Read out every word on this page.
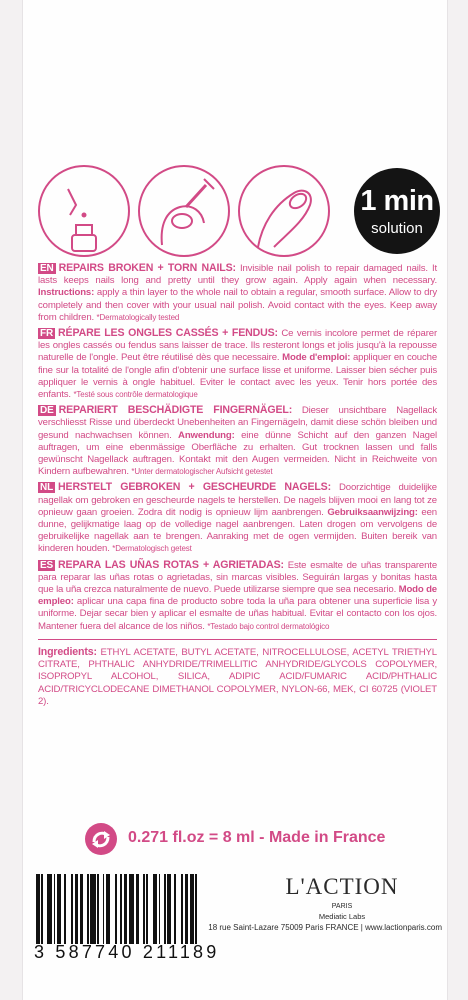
1 min
solution

EN REPAIRS BROKEN + TORN NAILS: Invisible nail polish to repair damaged nails. It lasts keeps nails long and pretty until they grow again. Apply again when necessary. Instructions: apply a thin layer to the whole nail to obtain a regular, smooth surface. Allow to dry completely and then cover with your usual nail polish. Avoid contact with the eyes. Keep away from children. *Dermatologically tested

FR RÉPARE LES ONGLES CASSÉS + FENDUS: Ce vernis incolore permet de réparer les ongles cassés ou fendus sans laisser de trace. Ils resteront longs et jolis jusqu'à la repousse naturelle de l'ongle. Peut être réutilisé dès que necessaire. Mode d'emploi: appliquer en couche fine sur la totalité de l'ongle afin d'obtenir une surface lisse et uniforme. Laisser bien sécher puis appliquer le vernis à ongle habituel. Eviter le contact avec les yeux. Tenir hors portée des enfants. *Testé sous contrôle dermatologique

DE REPARIERT BESCHÄDIGTE FINGERNÄGEL: Dieser unsichtbare Nagellack verschliesst Risse und überdeckt Unebenheiten an Fingernägeln, damit diese schön bleiben und gesund nachwachsen können. Anwendung: eine dünne Schicht auf den ganzen Nagel auftragen, um eine ebenmässige Oberfläche zu erhalten. Gut trocknen lassen und falls gewünscht Nagellack auftragen. Kontakt mit den Augen vermeiden. Nicht in Reichweite von Kindern aufbewahren. *Unter dermatologischer Aufsicht getestet

NL HERSTELT GEBROKEN + GESCHEURDE NAGELS: Doorzichtige duidelijke nagellak om gebroken en gescheurde nagels te herstellen. De nagels blijven mooi en lang tot ze opnieuw gaan groeien. Zodra dit nodig is opnieuw lijm aanbrengen. Gebruiksaanwijzing: een dunne, gelijkmatige laag op de volledige nagel aanbrengen. Laten drogen om vervolgens de gebruikelijke nagellak aan te brengen. Aanraking met de ogen vermijden. Buiten bereik van kinderen houden. *Dermatologisch getest

ES REPARA LAS UÑAS ROTAS + AGRIETADAS: Este esmalte de uñas transparente para reparar las uñas rotas o agrietadas, sin marcas visibles. Seguirán largas y bonitas hasta que la uña crezca naturalmente de nuevo. Puede utilizarse siempre que sea necesario. Modo de empleo: aplicar una capa fina de producto sobre toda la uña para obtener una superficie lisa y uniforme. Dejar secar bien y aplicar el esmalte de uñas habitual. Evitar el contacto con los ojos. Mantener fuera del alcance de los niños. *Testado bajo control dermatológico

Ingredients: ETHYL ACETATE, BUTYL ACETATE, NITROCELLULOSE, ACETYL TRIETHYL CITRATE, PHTHALIC ANHYDRIDE/TRIMELLITIC ANHYDRIDE/GLYCOLS COPOLYMER, ISOPROPYL ALCOHOL, SILICA, ADIPIC ACID/FUMARIC ACID/PHTHALIC ACID/TRICYCLODECANE DIMETHANOL COPOLYMER, NYLON-66, MEK, CI 60725 (VIOLET 2).

0.271 fl.oz = 8 ml - Made in France
3 587740 211189
L'ACTION
PARIS
Mediatic Labs
18 rue Saint-Lazare 75009 Paris FRANCE | www.lactionparis.com
